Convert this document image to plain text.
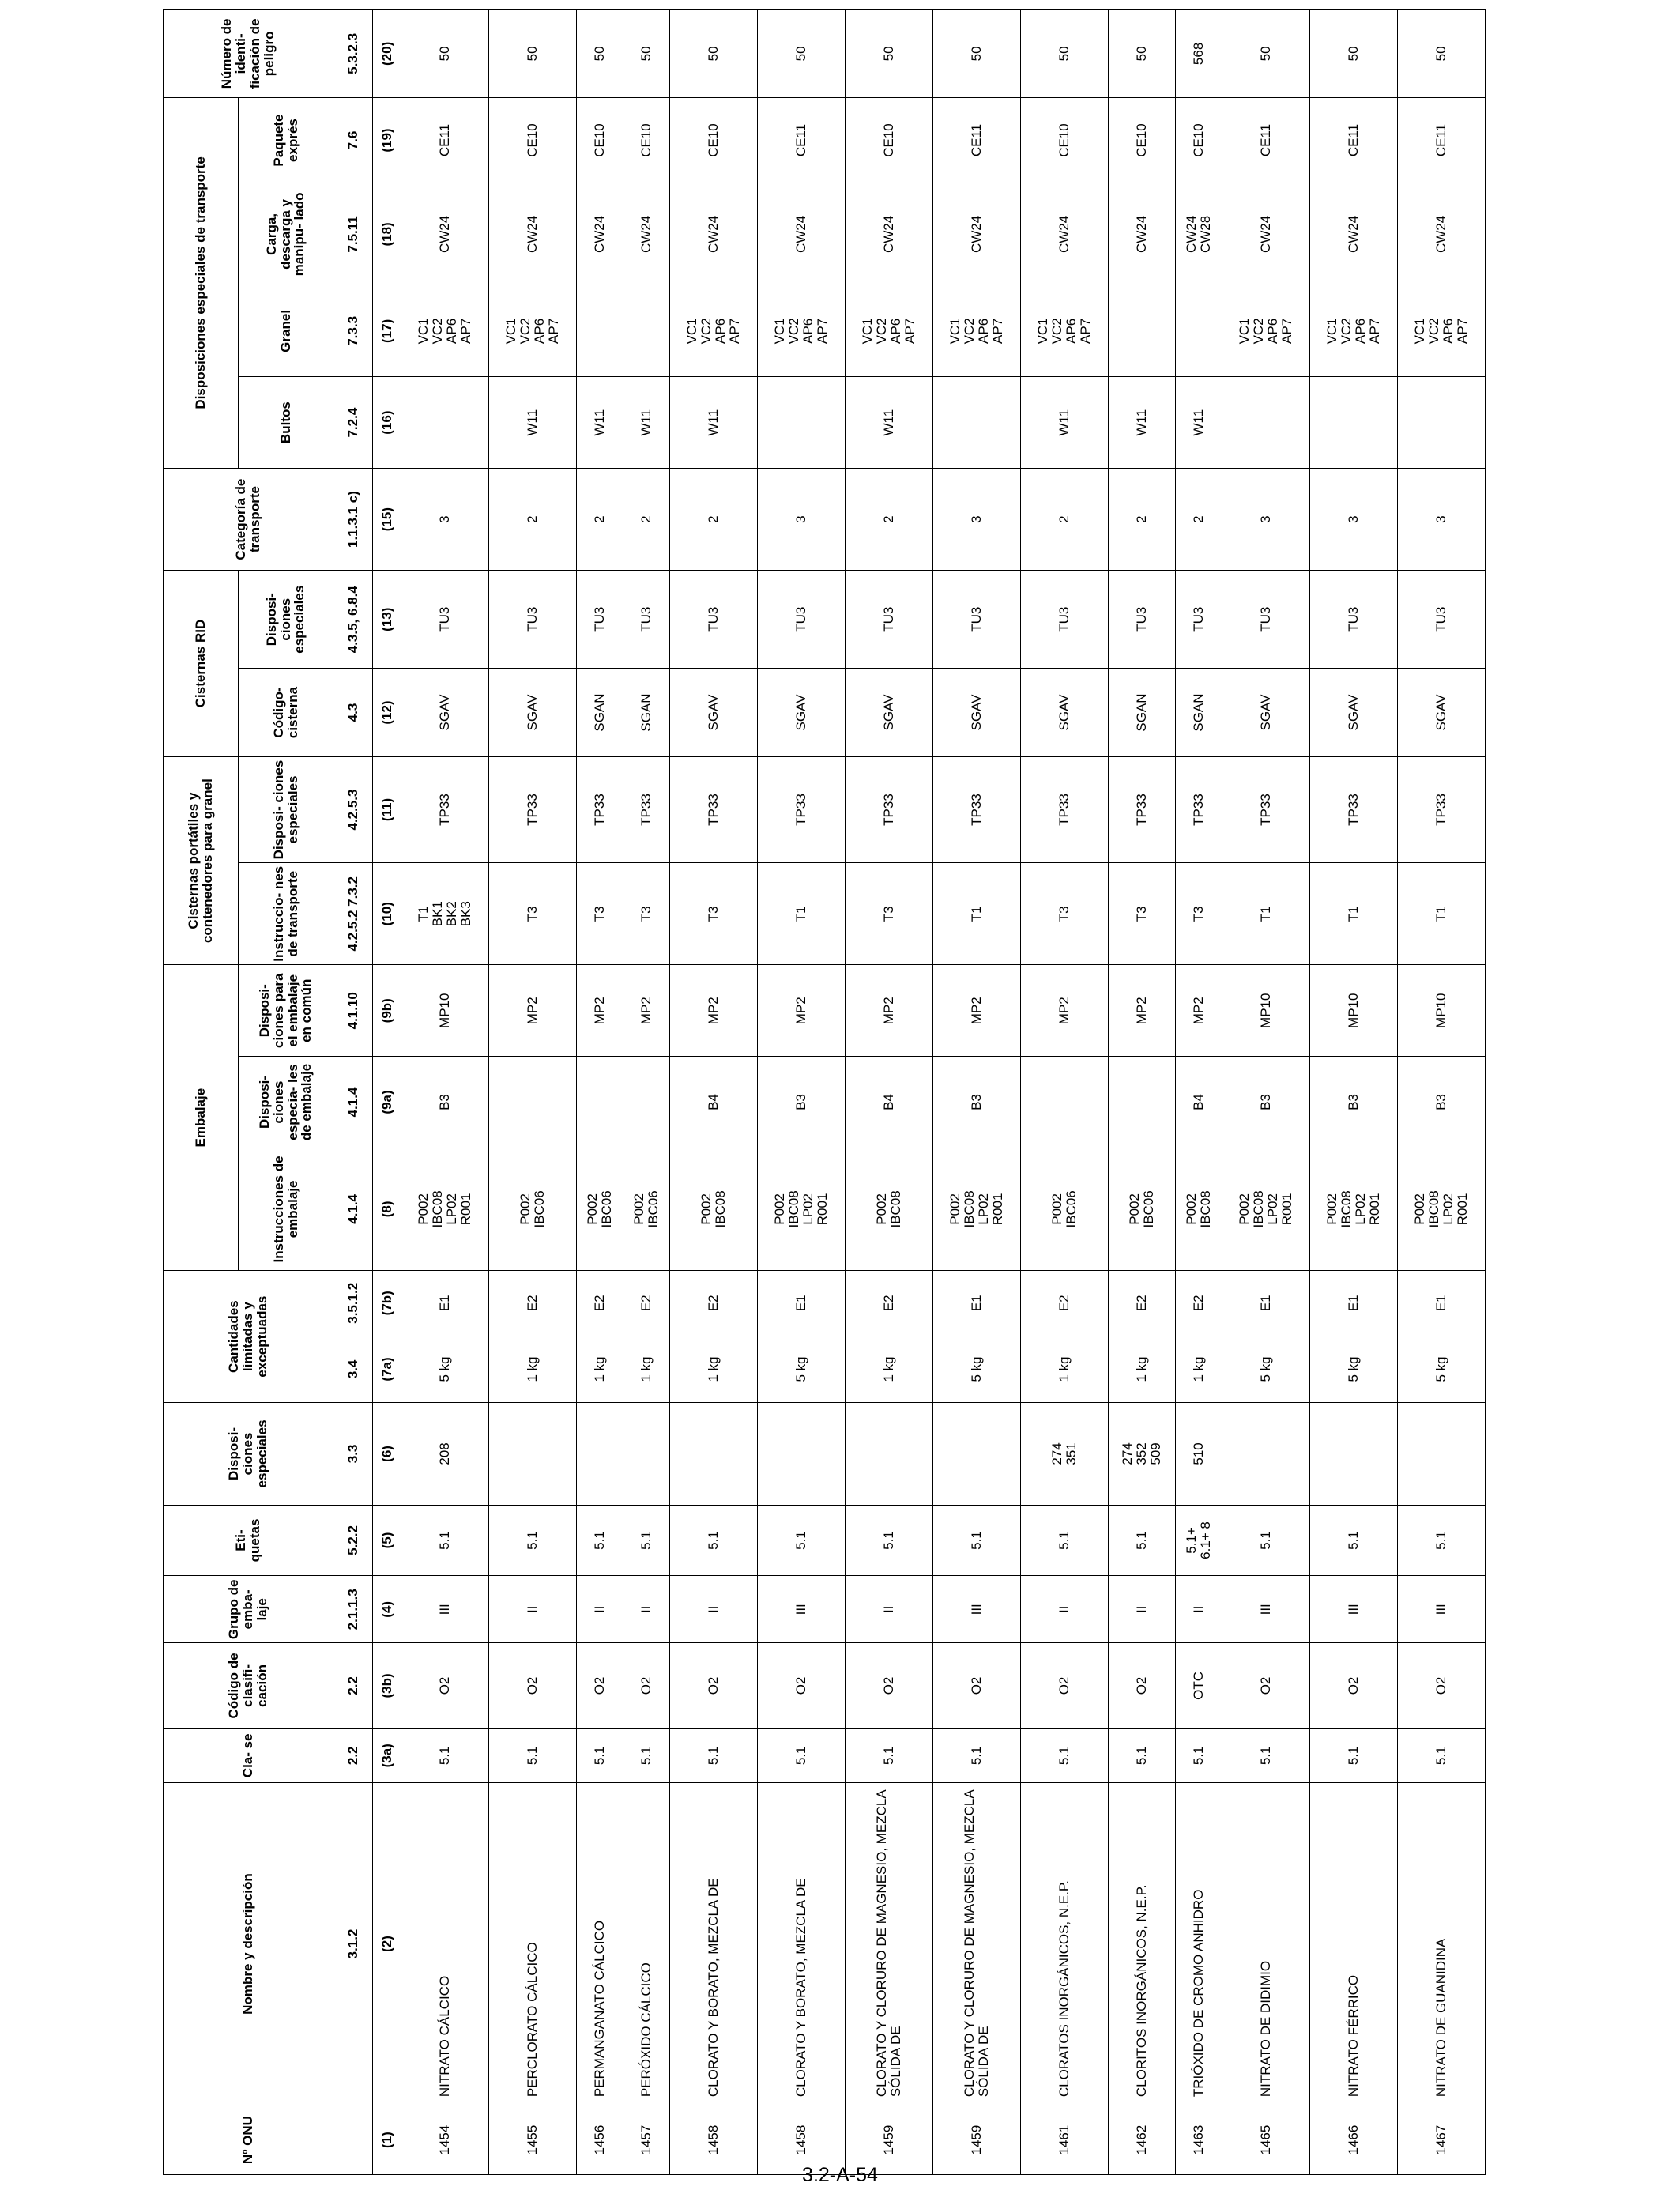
Nº ONU	Nombre y descripción	Cla- se	Código de clasifi- cación	Grupo de emba- laje	Eti- quetas	Disposi- ciones especiales	Cantidades limitadas y exceptuadas		Embalaje			Cisternas portátiles y contenedores para granel		Cisternas RID		Categoría de transporte	Disposiciones especiales de transporte				Número de identi- ficación de peligro
									Instrucciones de embalaje	Disposi- ciones especia- les de embalaje	Disposi- ciones para el embalaje en común	Instruccio- nes de transporte	Disposi- ciones especiales	Código- cisterna	Disposi- ciones especiales		Bultos	Granel	Carga, descarga y manipu- lado	Paquete exprés	
	3.1.2	2.2	2.2	2.1.1.3	5.2.2	3.3	3.4	3.5.1.2	4.1.4	4.1.4	4.1.10	4.2.5.2 7.3.2	4.2.5.3	4.3	4.3.5, 6.8.4	1.1.3.1 c)	7.2.4	7.3.3	7.5.11	7.6	5.3.2.3
(1)	(2)	(3a)	(3b)	(4)	(5)	(6)	(7a)	(7b)	(8)	(9a)	(9b)	(10)	(11)	(12)	(13)	(15)	(16)	(17)	(18)	(19)	(20)
1454	NITRATO CÁLCICO	5.1	O2	III	5.1	208	5 kg	E1	P002
IBC08
LP02
R001	B3	MP10	T1
BK1
BK2
BK3	TP33	SGAV	TU3	3		VC1
VC2
AP6
AP7	CW24	CE11	50
1455	PERCLORATO CÁLCICO	5.1	O2	II	5.1		1 kg	E2	P002
IBC06		MP2	T3	TP33	SGAV	TU3	2	W11	VC1
VC2
AP6
AP7	CW24	CE10	50
1456	PERMANGANATO CÁLCICO	5.1	O2	II	5.1		1 kg	E2	P002
IBC06		MP2	T3	TP33	SGAN	TU3	2	W11		CW24	CE10	50
1457	PERÓXIDO CÁLCICO	5.1	O2	II	5.1		1 kg	E2	P002
IBC06		MP2	T3	TP33	SGAN	TU3	2	W11		CW24	CE10	50
1458	CLORATO Y BORATO, MEZCLA DE	5.1	O2	II	5.1		1 kg	E2	P002
IBC08	B4	MP2	T3	TP33	SGAV	TU3	2	W11	VC1
VC2
AP6
AP7	CW24	CE10	50
1458	CLORATO Y BORATO, MEZCLA DE	5.1	O2	III	5.1		5 kg	E1	P002
IBC08
LP02
R001	B3	MP2	T1	TP33	SGAV	TU3	3		VC1
VC2
AP6
AP7	CW24	CE11	50
1459	CLORATO Y CLORURO DE MAGNESIO, MEZCLA SÓLIDA DE	5.1	O2	II	5.1		1 kg	E2	P002
IBC08	B4	MP2	T3	TP33	SGAV	TU3	2	W11	VC1
VC2
AP6
AP7	CW24	CE10	50
1459	CLORATO Y CLORURO DE MAGNESIO, MEZCLA SÓLIDA DE	5.1	O2	III	5.1		5 kg	E1	P002
IBC08
LP02
R001	B3	MP2	T1	TP33	SGAV	TU3	3		VC1
VC2
AP6
AP7	CW24	CE11	50
1461	CLORATOS INORGÁNICOS, N.E.P.	5.1	O2	II	5.1	274
351	1 kg	E2	P002
IBC06		MP2	T3	TP33	SGAV	TU3	2	W11	VC1
VC2
AP6
AP7	CW24	CE10	50
1462	CLORITOS INORGÁNICOS, N.E.P.	5.1	O2	II	5.1	274
352
509	1 kg	E2	P002
IBC06		MP2	T3	TP33	SGAN	TU3	2	W11		CW24	CE10	50
1463	TRIÓXIDO DE CROMO ANHIDRO	5.1	OTC	II	5.1+
6.1+ 8	510	1 kg	E2	P002
IBC08	B4	MP2	T3	TP33	SGAN	TU3	2	W11		CW24
CW28	CE10	568
1465	NITRATO DE DIDIMIO	5.1	O2	III	5.1		5 kg	E1	P002
IBC08
LP02
R001	B3	MP10	T1	TP33	SGAV	TU3	3		VC1
VC2
AP6
AP7	CW24	CE11	50
1466	NITRATO FÉRRICO	5.1	O2	III	5.1		5 kg	E1	P002
IBC08
LP02
R001	B3	MP10	T1	TP33	SGAV	TU3	3		VC1
VC2
AP6
AP7	CW24	CE11	50
1467	NITRATO DE GUANIDINA	5.1	O2	III	5.1		5 kg	E1	P002
IBC08
LP02
R001	B3	MP10	T1	TP33	SGAV	TU3	3		VC1
VC2
AP6
AP7	CW24	CE11	50
3.2-A-54
